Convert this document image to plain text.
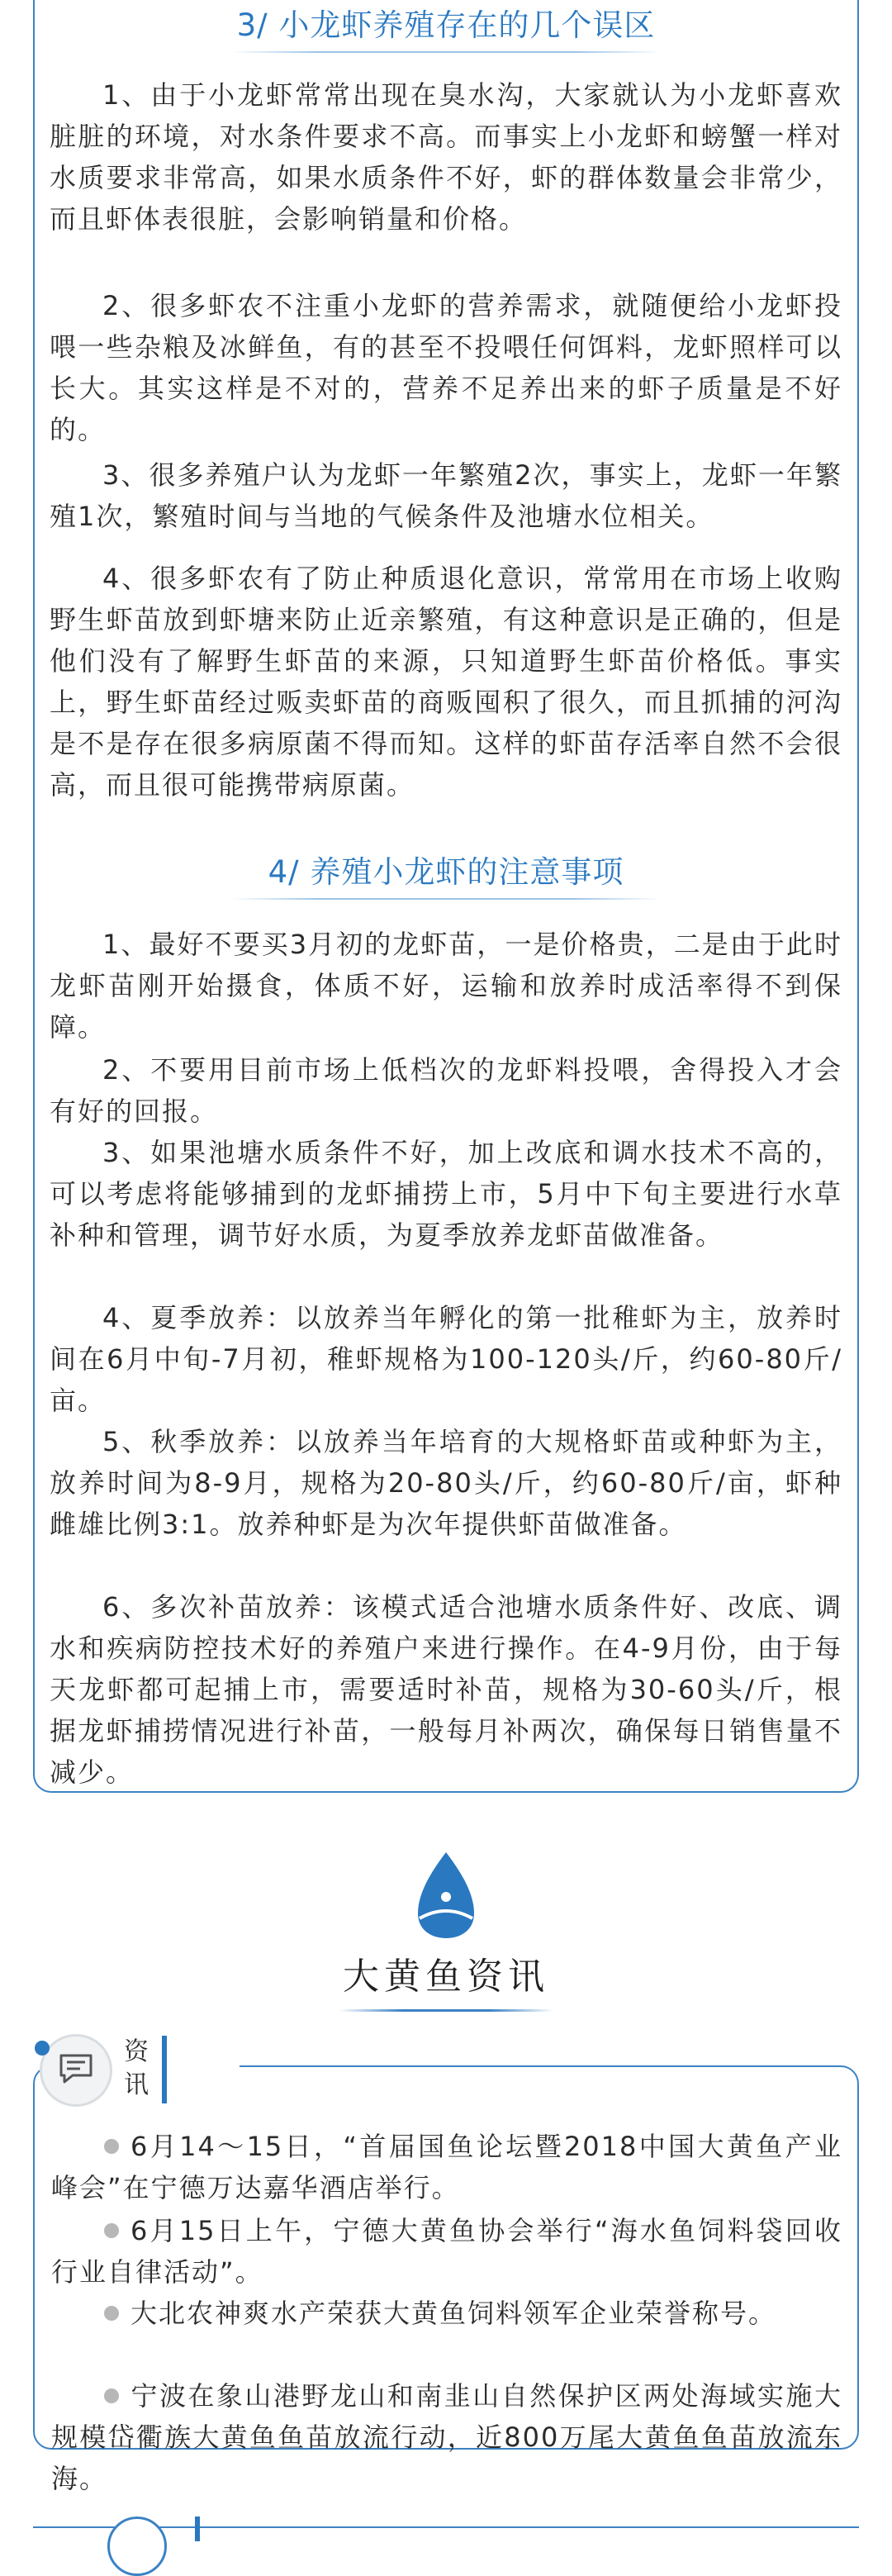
3/ 小龙虾养殖存在的几个误区

1、由于小龙虾常常出现在臭水沟，大家就认为小龙虾喜欢脏脏的环境，对水条件要求不高。而事实上小龙虾和螃蟹一样对水质要求非常高，如果水质条件不好，虾的群体数量会非常少，而且虾体表很脏，会影响销量和价格。

2、很多虾农不注重小龙虾的营养需求，就随便给小龙虾投喂一些杂粮及冰鲜鱼，有的甚至不投喂任何饵料，龙虾照样可以长大。其实这样是不对的，营养不足养出来的虾子质量是不好的。

3、很多养殖户认为龙虾一年繁殖2次，事实上，龙虾一年繁殖1次，繁殖时间与当地的气候条件及池塘水位相关。

4、很多虾农有了防止种质退化意识，常常用在市场上收购野生虾苗放到虾塘来防止近亲繁殖，有这种意识是正确的，但是他们没有了解野生虾苗的来源，只知道野生虾苗价格低。事实上，野生虾苗经过贩卖虾苗的商贩囤积了很久，而且抓捕的河沟是不是存在很多病原菌不得而知。这样的虾苗存活率自然不会很高，而且很可能携带病原菌。

4/ 养殖小龙虾的注意事项

1、最好不要买3月初的龙虾苗，一是价格贵，二是由于此时龙虾苗刚开始摄食，体质不好，运输和放养时成活率得不到保障。

2、不要用目前市场上低档次的龙虾料投喂，舍得投入才会有好的回报。

3、如果池塘水质条件不好，加上改底和调水技术不高的，可以考虑将能够捕到的龙虾捕捞上市，5月中下旬主要进行水草补种和管理，调节好水质，为夏季放养龙虾苗做准备。

4、夏季放养：以放养当年孵化的第一批稚虾为主，放养时间在6月中旬-7月初，稚虾规格为100-120头/斤，约60-80斤/亩。

5、秋季放养：以放养当年培育的大规格虾苗或种虾为主，放养时间为8-9月，规格为20-80头/斤，约60-80斤/亩，虾种雌雄比例3:1。放养种虾是为次年提供虾苗做准备。

6、多次补苗放养：该模式适合池塘水质条件好、改底、调水和疾病防控技术好的养殖户来进行操作。在4-9月份，由于每天龙虾都可起捕上市，需要适时补苗，规格为30-60头/斤，根据龙虾捕捞情况进行补苗，一般每月补两次，确保每日销售量不减少。

大黄鱼资讯
资讯

6月14～15日，“首届国鱼论坛暨2018中国大黄鱼产业峰会”在宁德万达嘉华酒店举行。

6月15日上午，宁德大黄鱼协会举行“海水鱼饲料袋回收行业自律活动”。

大北农神爽水产荣获大黄鱼饲料领军企业荣誉称号。

宁波在象山港野龙山和南韭山自然保护区两处海域实施大规模岱衢族大黄鱼鱼苗放流行动，近800万尾大黄鱼鱼苗放流东海。
